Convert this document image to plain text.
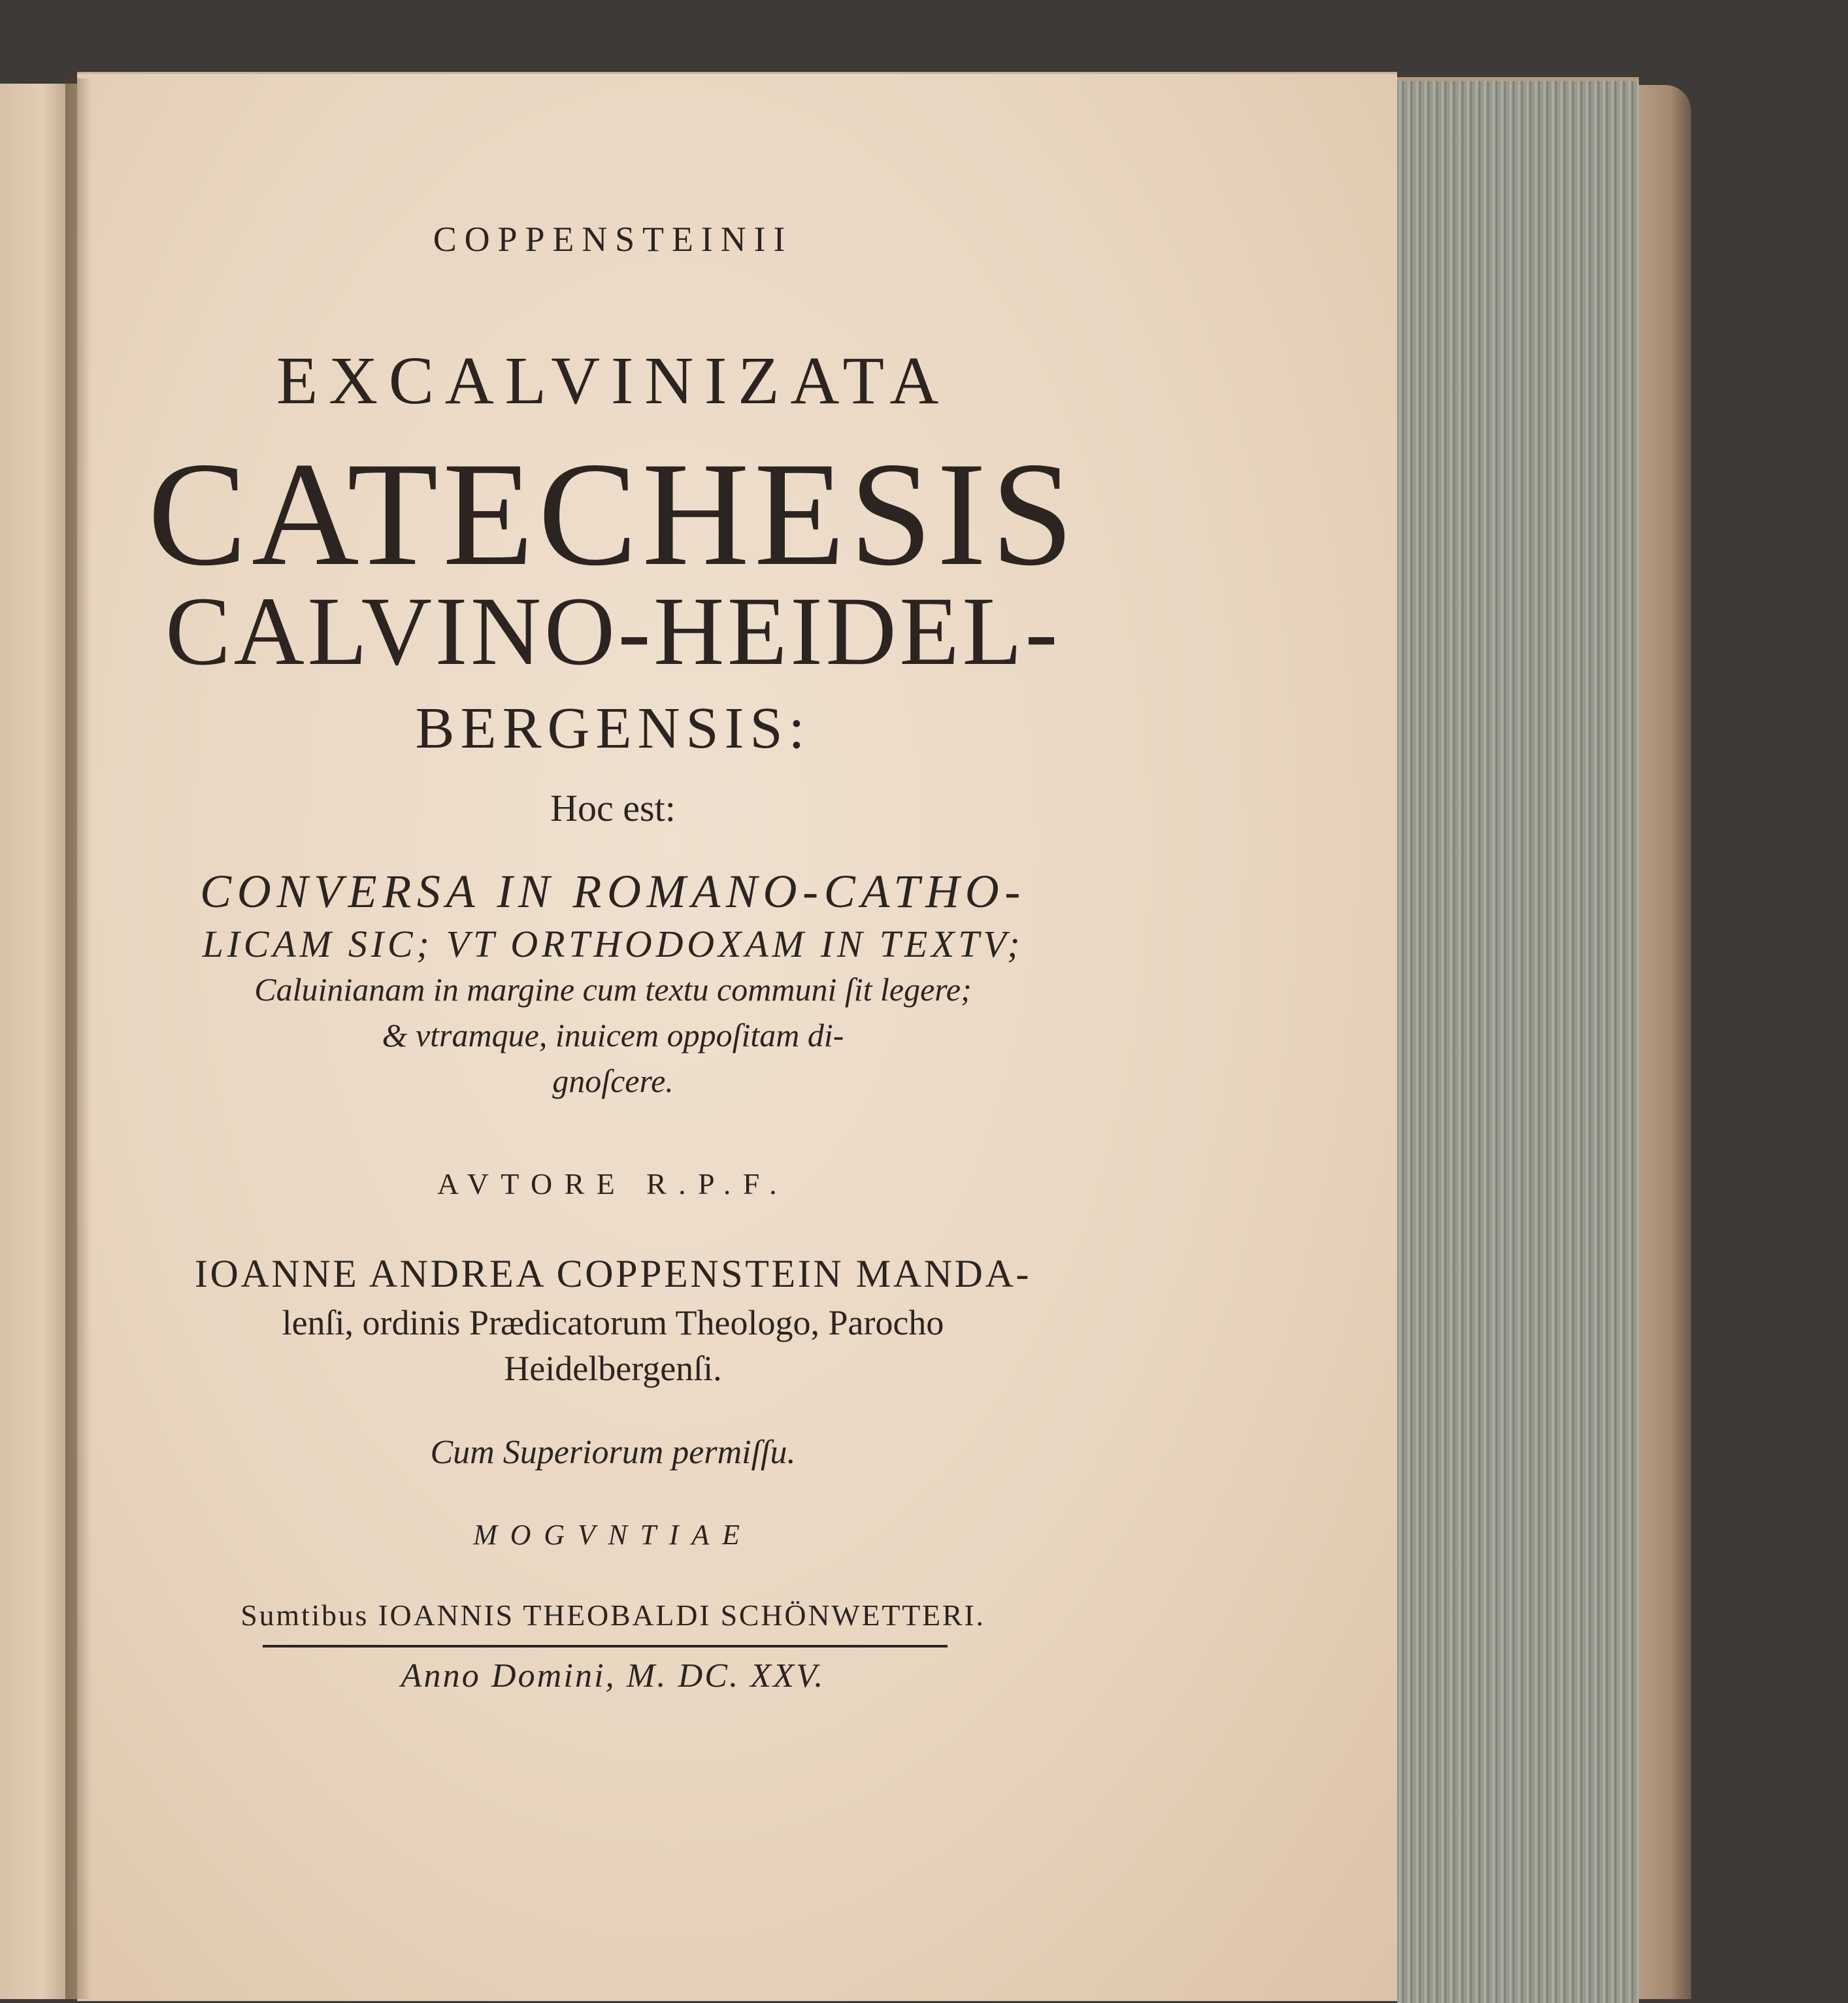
COPPENSTEINII

EXCALVINIZATA

CATECHESIS

CALVINO-HEIDEL-

BERGENSIS:

Hoc est:

CONVERSA IN ROMANO-CATHO-

LICAM SIC; VT ORTHODOXAM IN TEXTV;

Caluinianam in margine cum textu communi ſit legere;

& vtramque, inuicem oppoſitam di-

gnoſcere.

AVTORE R.P.F.

IOANNE ANDREA COPPENSTEIN MANDA-

lenſi, ordinis Prædicatorum Theologo, Parocho

Heidelbergenſi.

Cum Superiorum permiſſu.

MOGVNTIAE

Sumtibus IOANNIS THEOBALDI SCHÖNWETTERI.

Anno Domini, M. DC. XXV.
